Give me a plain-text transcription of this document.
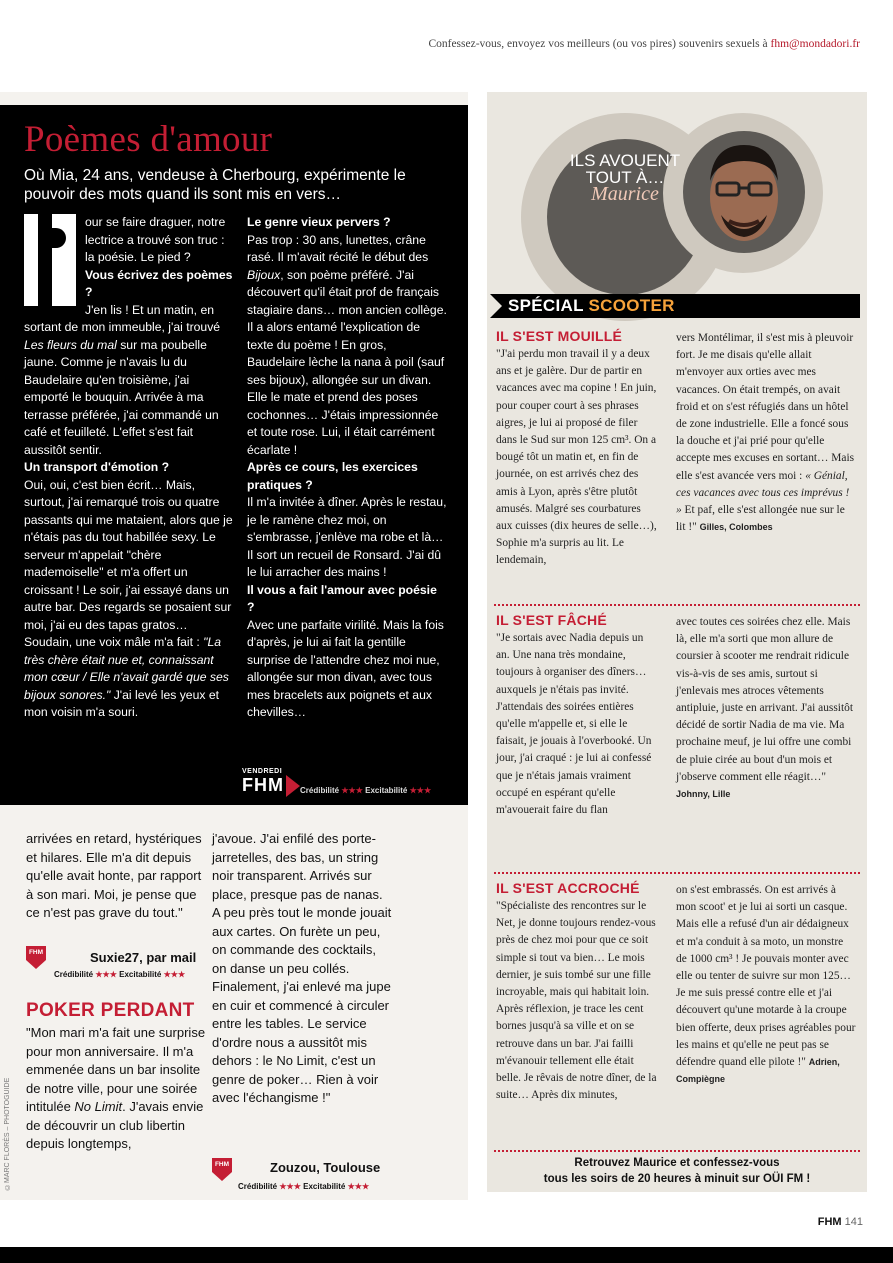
Confessez-vous, envoyez vos meilleurs (ou vos pires) souvenirs sexuels à fhm@mondadori.fr
Poèmes d'amour
Où Mia, 24 ans, vendeuse à Cherbourg, expérimente le pouvoir des mots quand ils sont mis en vers…

our se faire draguer, notre lectrice a trouvé son truc : la poésie. Le pied ?
Vous écrivez des poèmes ?
J'en lis ! Et un matin, en sortant de mon immeuble, j'ai trouvé Les fleurs du mal sur ma poubelle jaune. Comme je n'avais lu du Baudelaire qu'en troisième, j'ai emporté le bouquin. Arrivée à ma terrasse préférée, j'ai commandé un café et feuilleté. L'effet s'est fait aussitôt sentir.
Un transport d'émotion ?
Oui, oui, c'est bien écrit… Mais, surtout, j'ai remarqué trois ou quatre passants qui me mataient, alors que je n'étais pas du tout habillée sexy. Le serveur m'appelait "chère mademoiselle" et m'a offert un croissant ! Le soir, j'ai essayé dans un autre bar. Des regards se posaient sur moi, j'ai eu des tapas gratos… Soudain, une voix mâle m'a fait : "La très chère était nue et, connaissant mon cœur / Elle n'avait gardé que ses bijoux sonores." J'ai levé les yeux et mon voisin m'a souri.

Le genre vieux pervers ?
Pas trop : 30 ans, lunettes, crâne rasé. Il m'avait récité le début des Bijoux, son poème préféré. J'ai découvert qu'il était prof de français stagiaire dans… mon ancien collège. Il a alors entamé l'explication de texte du poème ! En gros, Baudelaire lèche la nana à poil (sauf ses bijoux), allongée sur un divan. Elle le mate et prend des poses cochonnes… J'étais impressionnée et toute rose. Lui, il était carrément écarlate !
Après ce cours, les exercices pratiques ?
Il m'a invitée à dîner. Après le restau, je le ramène chez moi, on s'embrasse, j'enlève ma robe et là… Il sort un recueil de Ronsard. J'ai dû le lui arracher des mains !
Il vous a fait l'amour avec poésie ?
Avec une parfaite virilité. Mais la fois d'après, je lui ai fait la gentille surprise de l'attendre chez moi nue, allongée sur mon divan, avec tous mes bracelets aux poignets et aux chevilles…

VENDREDI
FHM	Crédibilité ★★★ Excitabilité ★★★

arrivées en retard, hystériques et hilares. Elle m'a dit depuis qu'elle avait honte, par rapport à son mari. Moi, je pense que ce n'est pas grave du tout."

FHM	Suxie27, par mail
Crédibilité ★★★ Excitabilité ★★★
POKER PERDANT

"Mon mari m'a fait une surprise pour mon anniversaire. Il m'a emmenée dans un bar insolite de notre ville, pour une soirée intitulée No Limit. J'avais envie de découvrir un club libertin depuis longtemps,

©MARC FLORÈS – PHOTOGUIDE

j'avoue. J'ai enfilé des porte-jarretelles, des bas, un string noir transparent. Arrivés sur place, presque pas de nanas. A peu près tout le monde jouait aux cartes. On furète un peu, on commande des cocktails, on danse un peu collés. Finalement, j'ai enlevé ma jupe en cuir et commencé à circuler entre les tables. Le service d'ordre nous a aussitôt mis dehors : le No Limit, c'est un genre de poker… Rien à voir avec l'échangisme !"

FHM	Zouzou, Toulouse
Crédibilité ★★★ Excitabilité ★★★
ILS AVOUENT TOUT À…
Maurice
SPÉCIAL SCOOTER
IL S'EST MOUILLÉ

"J'ai perdu mon travail il y a deux ans et je galère. Dur de partir en vacances avec ma copine ! En juin, pour couper court à ses phrases aigres, je lui ai proposé de filer dans le Sud sur mon 125 cm³. On a bougé tôt un matin et, en fin de journée, on est arrivés chez des amis à Lyon, après s'être plutôt amusés. Malgré ses courbatures aux cuisses (dix heures de selle…), Sophie m'a surpris au lit. Le lendemain,

vers Montélimar, il s'est mis à pleuvoir fort. Je me disais qu'elle allait m'envoyer aux orties avec mes vacances. On était trempés, on avait froid et on s'est réfugiés dans un hôtel de zone industrielle. Elle a foncé sous la douche et j'ai prié pour qu'elle accepte mes excuses en sortant… Mais elle s'est avancée vers moi : « Génial, ces vacances avec tous ces imprévus ! » Et paf, elle s'est allongée nue sur le lit !" Gilles, Colombes

IL S'EST FÂCHÉ

"Je sortais avec Nadia depuis un an. Une nana très mondaine, toujours à organiser des dîners… auxquels je n'étais pas invité. J'attendais des soirées entières qu'elle m'appelle et, si elle le faisait, je jouais à l'overbooké. Un jour, j'ai craqué : je lui ai confessé que je n'étais jamais vraiment occupé en espérant qu'elle m'avouerait faire du flan

avec toutes ces soirées chez elle. Mais là, elle m'a sorti que mon allure de coursier à scooter me rendrait ridicule vis-à-vis de ses amis, surtout si j'enlevais mes atroces vêtements antipluie, juste en arrivant. J'ai aussitôt décidé de sortir Nadia de ma vie. Ma prochaine meuf, je lui offre une combi de pluie cirée au bout d'un mois et j'observe comment elle réagit…" Johnny, Lille

IL S'EST ACCROCHÉ

"Spécialiste des rencontres sur le Net, je donne toujours rendez-vous près de chez moi pour que ce soit simple si tout va bien… Le mois dernier, je suis tombé sur une fille incroyable, mais qui habitait loin. Après réflexion, je trace les cent bornes jusqu'à sa ville et on se retrouve dans un bar. J'ai failli m'évanouir tellement elle était belle. Je rêvais de notre dîner, de la suite… Après dix minutes,

on s'est embrassés. On est arrivés à mon scoot' et je lui ai sorti un casque. Mais elle a refusé d'un air dédaigneux et m'a conduit à sa moto, un monstre de 1000 cm³ ! Je pouvais monter avec elle ou tenter de suivre sur mon 125… Je me suis pressé contre elle et j'ai découvert qu'une motarde à la croupe bien offerte, deux prises agréables pour les mains et qu'elle ne peut pas se défendre quand elle pilote !" Adrien, Compiègne

Retrouvez Maurice et confessez-vous
tous les soirs de 20 heures à minuit sur OÜI FM !
FHM 141
